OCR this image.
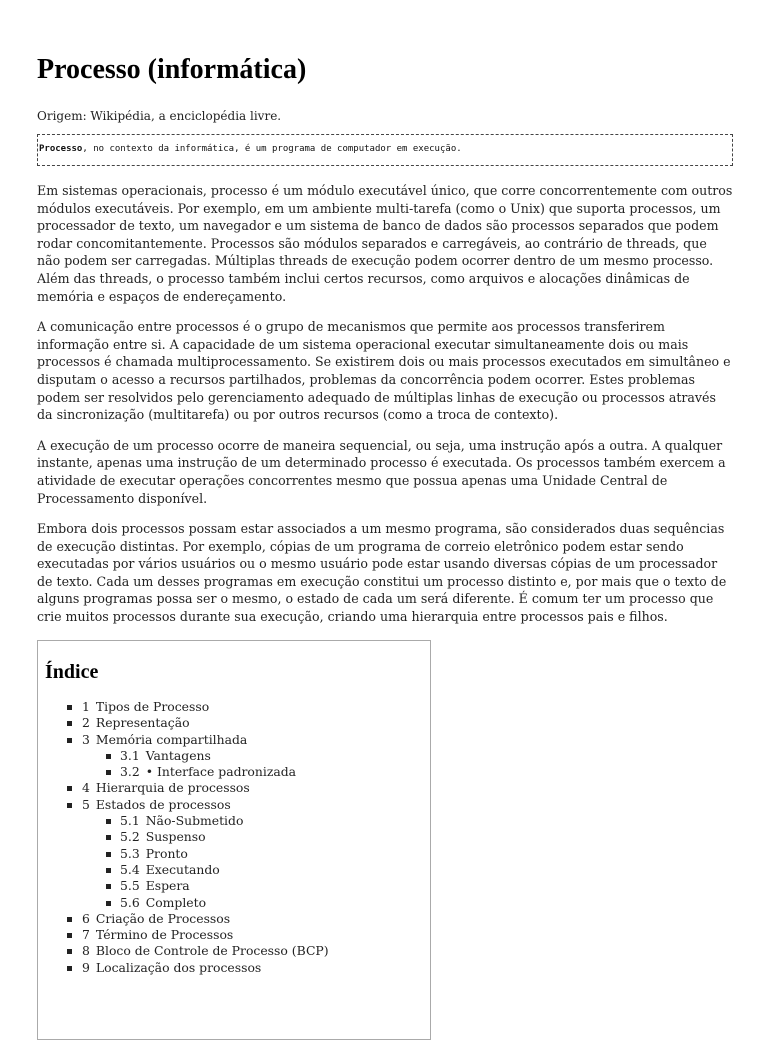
Processo (informática)
Origem: Wikipédia, a enciclopédia livre.
Processo, no contexto da informática, é um programa de computador em execução.

Em sistemas operacionais, processo é um módulo executável único, que corre concorrentemente com outros módulos executáveis. Por exemplo, em um ambiente multi-tarefa (como o Unix) que suporta processos, um processador de texto, um navegador e um sistema de banco de dados são processos separados que podem rodar concomitantemente. Processos são módulos separados e carregáveis, ao contrário de threads, que não podem ser carregadas. Múltiplas threads de execução podem ocorrer dentro de um mesmo processo. Além das threads, o processo também inclui certos recursos, como arquivos e alocações dinâmicas de memória e espaços de endereçamento.

A comunicação entre processos é o grupo de mecanismos que permite aos processos transferirem informação entre si. A capacidade de um sistema operacional executar simultaneamente dois ou mais processos é chamada multiprocessamento. Se existirem dois ou mais processos executados em simultâneo e disputam o acesso a recursos partilhados, problemas da concorrência podem ocorrer. Estes problemas podem ser resolvidos pelo gerenciamento adequado de múltiplas linhas de execução ou processos através da sincronização (multitarefa) ou por outros recursos (como a troca de contexto).

A execução de um processo ocorre de maneira sequencial, ou seja, uma instrução após a outra. A qualquer instante, apenas uma instrução de um determinado processo é executada. Os processos também exercem a atividade de executar operações concorrentes mesmo que possua apenas uma Unidade Central de Processamento disponível.

Embora dois processos possam estar associados a um mesmo programa, são considerados duas sequências de execução distintas. Por exemplo, cópias de um programa de correio eletrônico podem estar sendo executadas por vários usuários ou o mesmo usuário pode estar usando diversas cópias de um processador de texto. Cada um desses programas em execução constitui um processo distinto e, por mais que o texto de alguns programas possa ser o mesmo, o estado de cada um será diferente. É comum ter um processo que crie muitos processos durante sua execução, criando uma hierarquia entre processos pais e filhos.

Índice
1 Tipos de Processo
2 Representação
3 Memória compartilhada
3.1 Vantagens
3.2 • Interface padronizada
4 Hierarquia de processos
5 Estados de processos
5.1 Não-Submetido
5.2 Suspenso
5.3 Pronto
5.4 Executando
5.5 Espera
5.6 Completo
6 Criação de Processos
7 Término de Processos
8 Bloco de Controle de Processo (BCP)
9 Localização dos processos
